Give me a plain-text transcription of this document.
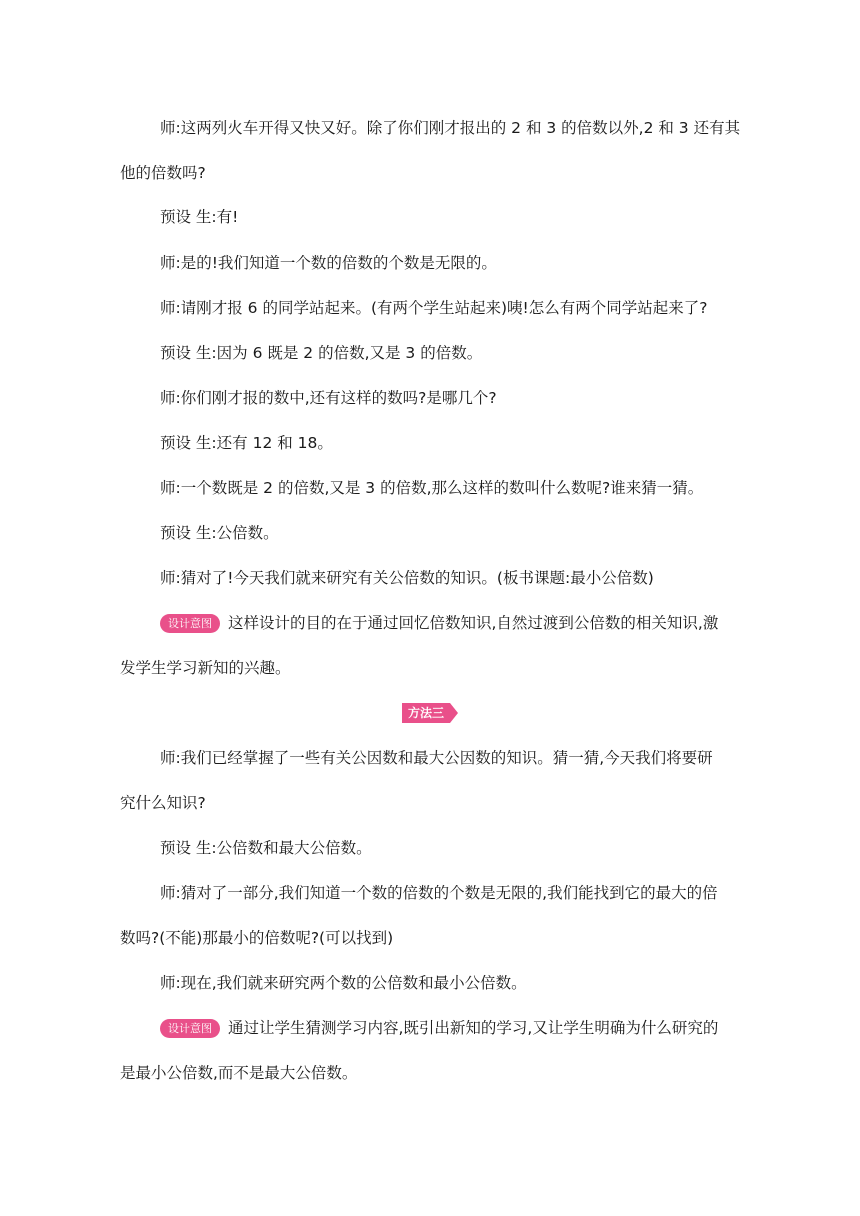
师:这两列火车开得又快又好。除了你们刚才报出的 2 和 3 的倍数以外,2 和 3 还有其
他的倍数吗?
预设 生:有!
师:是的!我们知道一个数的倍数的个数是无限的。
师:请刚才报 6 的同学站起来。(有两个学生站起来)咦!怎么有两个同学站起来了?
预设 生:因为 6 既是 2 的倍数,又是 3 的倍数。
师:你们刚才报的数中,还有这样的数吗?是哪几个?
预设 生:还有 12 和 18。
师:一个数既是 2 的倍数,又是 3 的倍数,那么这样的数叫什么数呢?谁来猜一猜。
预设 生:公倍数。
师:猜对了!今天我们就来研究有关公倍数的知识。(板书课题:最小公倍数)
设计意图 这样设计的目的在于通过回忆倍数知识,自然过渡到公倍数的相关知识,激
发学生学习新知的兴趣。
方法三
师:我们已经掌握了一些有关公因数和最大公因数的知识。猜一猜,今天我们将要研
究什么知识?
预设 生:公倍数和最大公倍数。
师:猜对了一部分,我们知道一个数的倍数的个数是无限的,我们能找到它的最大的倍
数吗?(不能)那最小的倍数呢?(可以找到)
师:现在,我们就来研究两个数的公倍数和最小公倍数。
设计意图 通过让学生猜测学习内容,既引出新知的学习,又让学生明确为什么研究的
是最小公倍数,而不是最大公倍数。
